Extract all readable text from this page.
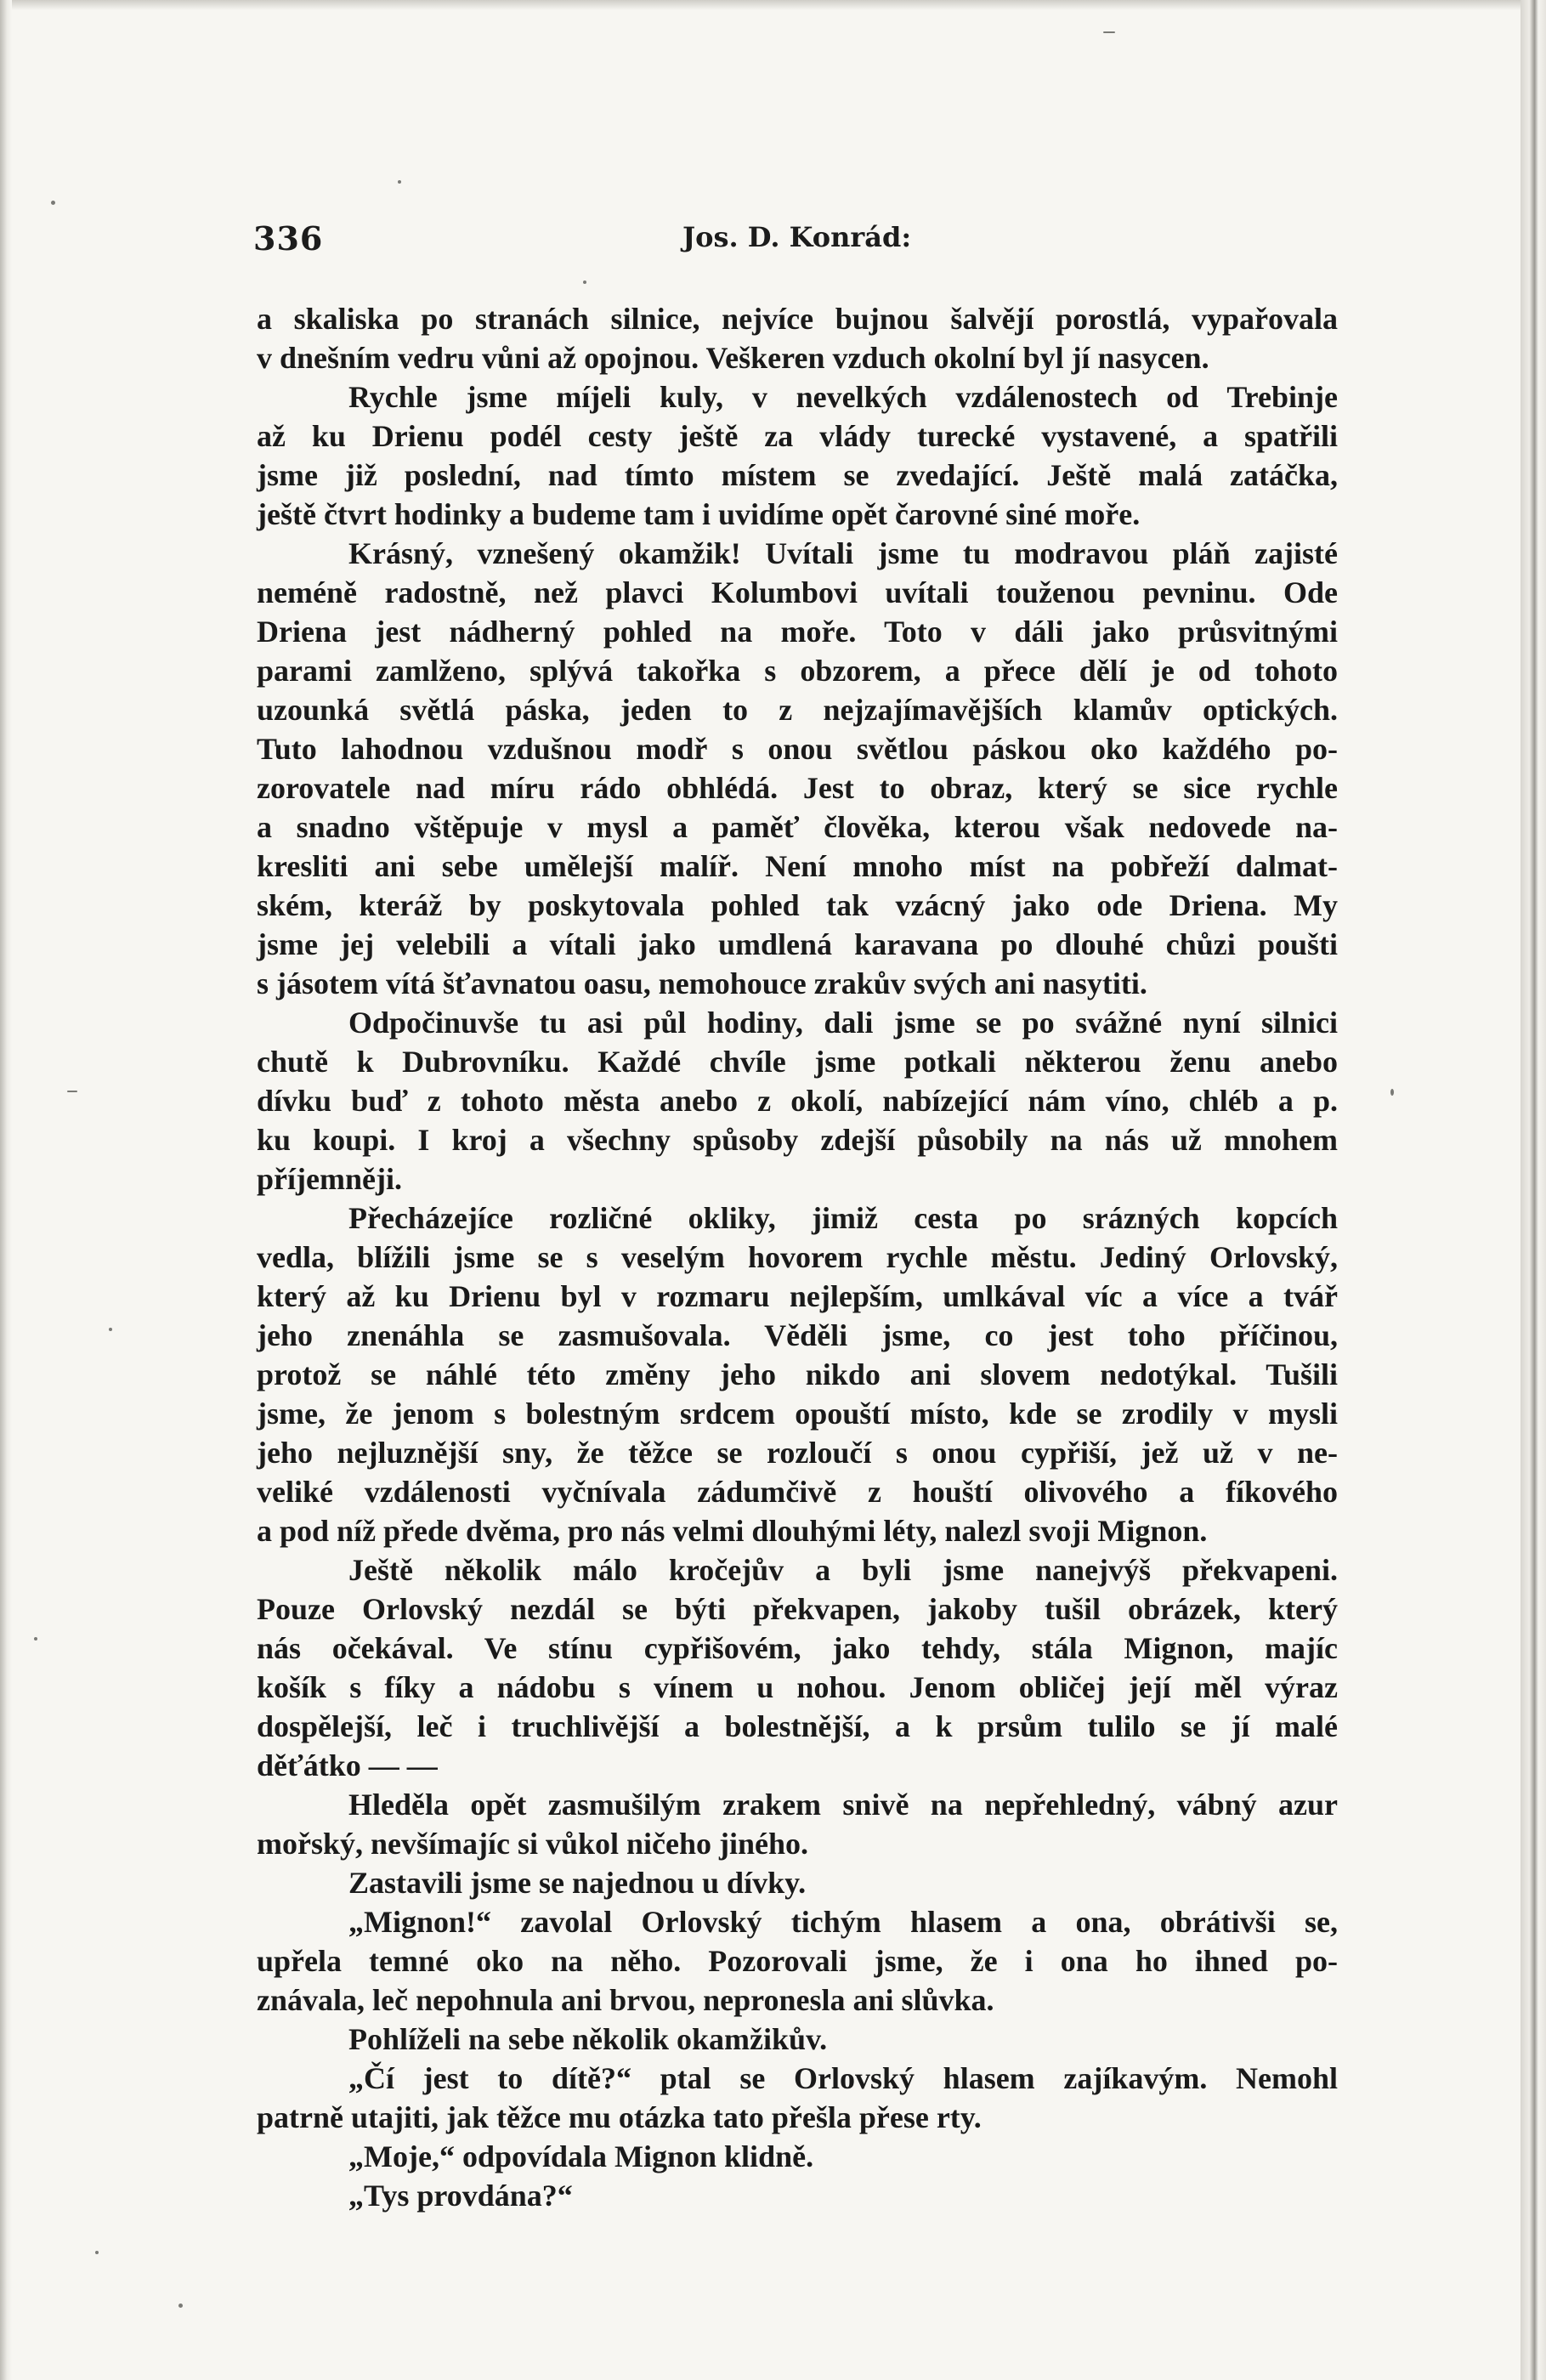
336	Jos. D. Konrád:

a skaliska po stranách silnice, nejvíce bujnou šalvějí porostlá, vypařovala

v dnešním vedru vůni až opojnou. Veškeren vzduch okolní byl jí nasycen.

Rychle jsme míjeli kuly, v nevelkých vzdálenostech od Trebinje

až ku Drienu podél cesty ještě za vlády turecké vystavené, a spatřili

jsme již poslední, nad tímto místem se zvedající. Ještě malá zatáčka,

ještě čtvrt hodinky a budeme tam i uvidíme opět čarovné siné moře.

Krásný, vznešený okamžik! Uvítali jsme tu modravou pláň zajisté

neméně radostně, než plavci Kolumbovi uvítali touženou pevninu. Ode

Driena jest nádherný pohled na moře. Toto v dáli jako průsvitnými

parami zamlženo, splývá takořka s obzorem, a přece dělí je od tohoto

uzounká světlá páska, jeden to z nejzajímavějších klamův optických.

Tuto lahodnou vzdušnou modř s onou světlou páskou oko každého po-

zorovatele nad míru rádo obhlédá. Jest to obraz, který se sice rychle

a snadno vštěpuje v mysl a paměť člověka, kterou však nedovede na-

kresliti ani sebe umělejší malíř. Není mnoho míst na pobřeží dalmat-

ském, kteráž by poskytovala pohled tak vzácný jako ode Driena. My

jsme jej velebili a vítali jako umdlená karavana po dlouhé chůzi poušti

s jásotem vítá šťavnatou oasu, nemohouce zrakův svých ani nasytiti.

Odpočinuvše tu asi půl hodiny, dali jsme se po svážné nyní silnici

chutě k Dubrovníku. Každé chvíle jsme potkali některou ženu anebo

dívku buď z tohoto města anebo z okolí, nabízející nám víno, chléb a p.

ku koupi. I kroj a všechny spůsoby zdejší působily na nás už mnohem

příjemněji.

Přecházejíce rozličné okliky, jimiž cesta po srázných kopcích

vedla, blížili jsme se s veselým hovorem rychle městu. Jediný Orlovský,

který až ku Drienu byl v rozmaru nejlepším, umlkával víc a více a tvář

jeho znenáhla se zasmušovala. Věděli jsme, co jest toho příčinou,

protož se náhlé této změny jeho nikdo ani slovem nedotýkal. Tušili

jsme, že jenom s bolestným srdcem opouští místo, kde se zrodily v mysli

jeho nejluznější sny, že těžce se rozloučí s onou cypřiší, jež už v ne-

veliké vzdálenosti vyčnívala zádumčivě z houští olivového a fíkového

a pod níž přede dvěma, pro nás velmi dlouhými léty, nalezl svoji Mignon.

Ještě několik málo kročejův a byli jsme nanejvýš překvapeni.

Pouze Orlovský nezdál se býti překvapen, jakoby tušil obrázek, který

nás očekával. Ve stínu cypřišovém, jako tehdy, stála Mignon, majíc

košík s fíky a nádobu s vínem u nohou. Jenom obličej její měl výraz

dospělejší, leč i truchlivější a bolestnější, a k prsům tulilo se jí malé

děťátko — —

Hleděla opět zasmušilým zrakem snivě na nepřehledný, vábný azur

mořský, nevšímajíc si vůkol ničeho jiného.

Zastavili jsme se najednou u dívky.

„Mignon!“ zavolal Orlovský tichým hlasem a ona, obrátivši se,

upřela temné oko na něho. Pozorovali jsme, že i ona ho ihned po-

znávala, leč nepohnula ani brvou, nepronesla ani slůvka.

Pohlíželi na sebe několik okamžikův.

„Čí jest to dítě?“ ptal se Orlovský hlasem zajíkavým. Nemohl

patrně utajiti, jak těžce mu otázka tato přešla přese rty.

„Moje,“ odpovídala Mignon klidně.

„Tys provdána?“
